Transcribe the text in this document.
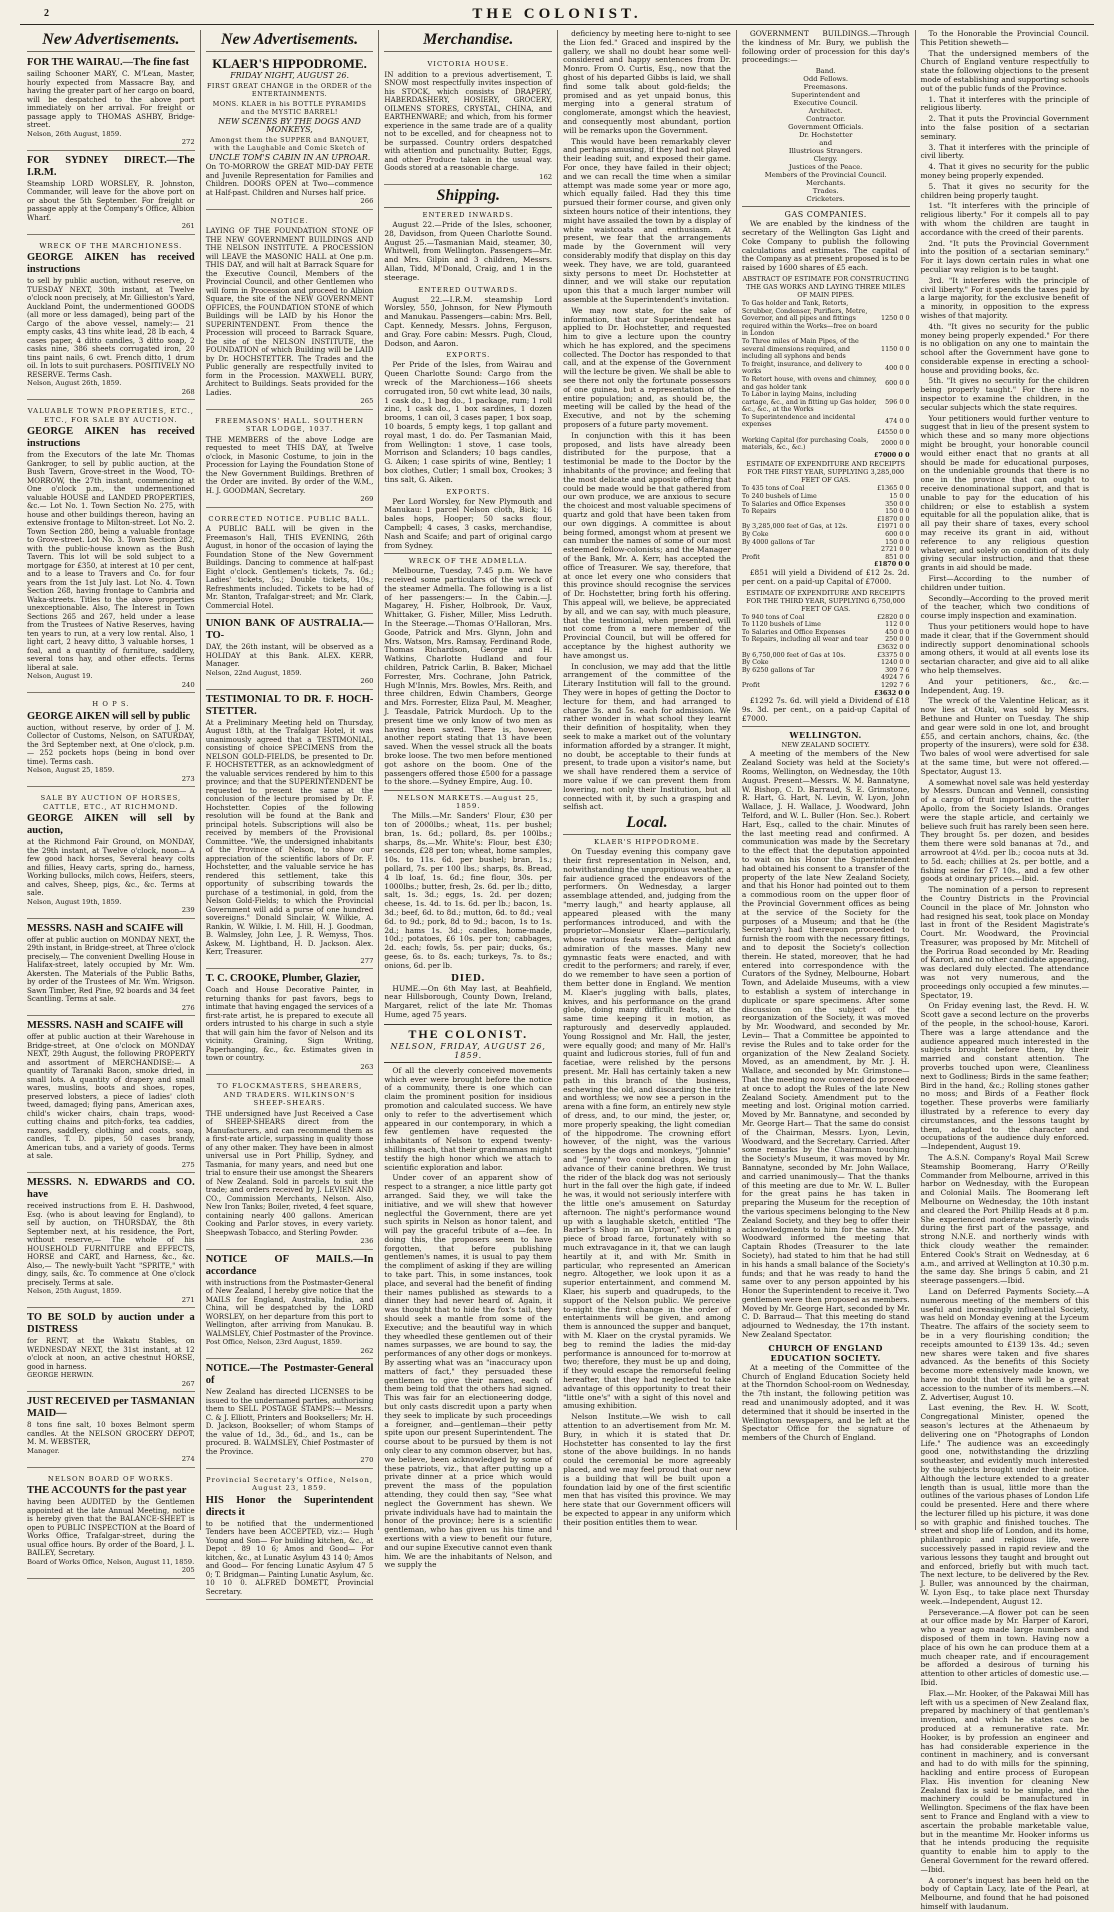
2	THE COLONIST.
New Advertisements.
FOR THE WAIRAU.—The fine fast
sailing Schooner MARY, C. M'Lean, Master, hourly expected from Massacre Bay, and having the greater part of her cargo on board, will be despatched to the above port immediately on her arrival. For freight or passage apply to THOMAS ASHBY, Bridge-street.
Nelson, 26th August, 1859.
272
FOR SYDNEY DIRECT.—The I.R.M.
Steamship LORD WORSLEY, R. Johnston, Commander, will leave for the above port on or about the 5th September. For freight or passage apply at the Company's Office, Albion Wharf.
261
WRECK OF THE MARCHIONESS.
GEORGE AIKEN has received instructions
to sell by public auction, without reserve, on TUESDAY NEXT, 30th instant, at Twelve o'clock noon precisely, at Mr. Gillieston's Yard, Auckland Point, the undermentioned GOODS (all more or less damaged), being part of the Cargo of the above vessel, namely:— 21 empty casks, 43 tins white lead, 28 lb each, 4 cases paper, 4 ditto candles, 3 ditto soap, 2 casks nine, 386 sheets corrugated iron, 20 tins paint nails, 6 cwt. French ditto, 1 drum oil. In lots to suit purchasers. POSITIVELY NO RESERVE. Terms Cash.
Nelson, August 26th, 1859.
268
VALUABLE TOWN PROPERTIES, ETC., ETC., FOR SALE BY AUCTION.
GEORGE AIKEN has received instructions
from the Executors of the late Mr. Thomas Gankroger, to sell by public auction, at the Bush Tavern, Grove-street in the Wood, TO-MORROW, the 27th instant, commencing at One o'clock p.m., the undermentioned valuable HOUSE and LANDED PROPERTIES, &c.— Lot No. 1. Town Section No. 275, with house and other buildings thereon, having an extensive frontage to Milton-street. Lot No. 2. Town Section 280, being a valuable frontage to Grove-street. Lot No. 3. Town Section 282, with the public-house known as the Bush Tavern. This lot will be sold subject to a mortgage for £350, at interest at 10 per cent, and to a lease to Travers and Co. for four years from the 1st July last. Lot No. 4. Town Section 268, having frontage to Cambria and Waka-streets. Titles to the above properties unexceptionable. Also, The Interest in Town Sections 265 and 267, held under a lease from the Trustees of Native Reserves, having ten years to run, at a very low rental. Also, 1 light cart, 2 heavy ditto, 3 valuable horses, 1 foal, and a quantity of furniture, saddlery, several tons hay, and other effects. Terms liberal at sale.
Nelson, August 19.
240
H O P S.
GEORGE AIKEN will sell by public
auction, without reserve, by order of J. M. Collector of Customs, Nelson, on SATURDAY, the 3rd September next, at One o'clock, p.m.— 252 pockets hops (being in bond over time). Terms cash.
Nelson, August 25, 1859.
273
SALE BY AUCTION OF HORSES, CATTLE, ETC., AT RICHMOND.
GEORGE AIKEN will sell by auction,
at the Richmond Fair Ground, on MONDAY, the 29th instant, at Twelve o'clock, noon— A few good hack horses, Several heavy colts and fillies, Heavy carts, spring do., harness, Working bullocks, milch cows, Heifers, steers, and calves, Sheep, pigs, &c., &c. Terms at sale.
Nelson, August 19th, 1859.
239
MESSRS. NASH and SCAIFE will
offer at public auction on MONDAY NEXT, the 29th instant, in Bridge-street, at Three o'clock precisely,— The convenient Dwelling House in Halifax-street, lately occupied by Mr. Wm. Akersten. The Materials of the Public Baths, by order of the Trustees of Mr. Wm. Wrigson. Sawn Timber, Red Pine, 92 boards and 34 feet Scantling. Terms at sale.
276
MESSRS. NASH and SCAIFE will
offer at public auction at their Warehouse in Bridge-street, at One o'clock on MONDAY NEXT, 29th August, the following PROPERTY and assortment of MERCHANDISE:— A quantity of Taranaki Bacon, smoke dried, in small lots. A quantity of drapery and small wares, muslins, boots and shoes, ropes, preserved lobsters, a piece of ladies' cloth tweed, damaged; flying pans, American axes, child's wicker chairs, chain traps, wood-cutting chains and pitch-forks, tea caddies, razors, saddlery, clothing and coats, soap, candles, T. D. pipes, 50 cases brandy, American tubs, and a variety of goods. Terms at sale.
275
MESSRS. N. EDWARDS and CO. have
received instructions from E. H. Dashwood, Esq. (who is about leaving for England), to sell by auction, on THURSDAY, the 8th September next, at his residence, the Port, without reserve,— The whole of his HOUSEHOLD FURNITURE and EFFECTS, HORSE and CART, and Harness, &c., &c. Also,— The newly-built Yacht "SPRITE," with dingy, sails, &c. To commence at One o'clock precisely. Terms at sale.
Nelson, 25th August, 1859.
271
TO BE SOLD by auction under a DISTRESS
for RENT, at the Wakatu Stables, on WEDNESDAY NEXT, the 31st instant, at 12 o'clock at noon, an active chestnut HORSE, good in harness.
GEORGE HERWIN.
267
JUST RECEIVED per TASMANIAN MAID—
8 tons fine salt, 10 boxes Belmont sperm candles. At the NELSON GROCERY DEPOT, M. M. WEBSTER,
Manager.
274
NELSON BOARD OF WORKS.
THE ACCOUNTS for the past year
having been AUDITED by the Gentlemen appointed at the late Annual Meeting, notice is hereby given that the BALANCE-SHEET is open to PUBLIC INSPECTION at the Board of Works Office, Trafalgar-street, during the usual office hours. By order of the Board, J. L. BAILEY, Secretary.
Board of Works Office, Nelson, August 11, 1859.
205
New Advertisements.
KLAER'S HIPPODROME.
FRIDAY NIGHT, AUGUST 26.
FIRST GREAT CHANGE in the ORDER of the ENTERTAINMENTS.
MONS. KLAER in his BOTTLE PYRAMIDS and the MYSTIC BARREL!
NEW SCENES BY THE DOGS AND MONKEYS,
Amongst them the SUPPER and BANQUET, with the Laughable and Comic Sketch of
UNCLE TOM'S CABIN IN AN UPROAR.
On TO-MORROW the GREAT MID-DAY FETE and Juvenile Representation for Families and Children. DOORS OPEN at Two—commence at Half-past. Children and Nurses half price.
266
NOTICE.
LAYING OF THE FOUNDATION STONE OF THE NEW GOVERNMENT BUILDINGS AND THE NELSON INSTITUTE. A PROCESSION will LEAVE the MASONIC HALL at One p.m. THIS DAY, and will halt at Barrack Square for the Executive Council, Members of the Provincial Council, and other Gentlemen who will form in Procession and proceed to Albion Square, the site of the NEW GOVERNMENT OFFICES, the FOUNDATION STONE of which Buildings will be LAID by his Honor the SUPERINTENDENT. From thence the Procession will proceed to Barrack Square, the site of the NELSON INSTITUTE, the FOUNDATION of which Building will be LAID by Dr. HOCHSTETTER. The Trades and the Public generally are respectfully invited to form in the Procession. MAXWELL BURY, Architect to Buildings. Seats provided for the Ladies.
265
FREEMASONS' HALL. SOUTHERN STAR LODGE, 1037.
THE MEMBERS of the above Lodge are requested to meet THIS DAY, at Twelve o'clock, in Masonic Costume, to join in the Procession for Laying the Foundation Stone of the New Government Buildings. Brethren of the Order are invited. By order of the W.M., H. J. GOODMAN, Secretary.
269
CORRECTED NOTICE. PUBLIC BALL.
A PUBLIC BALL will be given in the Freemason's Hall, THIS EVENING, 26th August, in honor of the occasion of laying the Foundation Stone of the New Government Buildings. Dancing to commence at half-past Eight o'clock. Gentlemen's tickets, 7s. 6d.; Ladies' tickets, 5s.; Double tickets, 10s.; Refreshments included. Tickets to be had of Mr. Stanton, Trafalgar-street; and Mr. Clark, Commercial Hotel.
UNION BANK OF AUSTRALIA.—TO-
DAY, the 26th instant, will be observed as a HOLIDAY at this Bank. ALEX. KERR, Manager.
Nelson, 22nd August, 1859.
260
TESTIMONIAL TO DR. F. HOCH-STETTER.
At a Preliminary Meeting held on Thursday, August 18th, at the Trafalgar Hotel, it was unanimously agreed that a TESTIMONIAL, consisting of choice SPECIMENS from the NELSON GOLD-FIELDS, be presented to Dr. F. HOCHSTETTER, as an acknowledgment of the valuable services rendered by him to this province; and that the SUPERINTENDENT be requested to present the same at the conclusion of the lecture promised by Dr. F. Hochstetter. Copies of the following resolution will be found at the Bank and principal hotels. Subscriptions will also be received by members of the Provisional Committee. "We, the undersigned inhabitants of the Province of Nelson, to show our appreciation of the scientific labors of Dr. F. Hochstetter, and the valuable service he has rendered this settlement, take this opportunity of subscribing towards the purchase of a testimonial, in gold, from the Nelson Gold-Fields; to which the Provincial Government will add a purse of one hundred sovereigns." Donald Sinclair, W. Wilkie, A. Rankin, W. Wilkie, I. M. Hill, H. J. Goodman, B. Walmsley, John Lee, J. R. Wemyss, Thos. Askew, M. Lightband, H. D. Jackson. Alex. Kerr, Treasurer.
277
T. C. CROOKE, Plumber, Glazier,
Coach and House Decorative Painter, in returning thanks for past favors, begs to intimate that having engaged the services of a first-rate artist, he is prepared to execute all orders intrusted to his charge in such a style that will gain him the favor of Nelson and its vicinity. Graining, Sign Writing, Paperhanging, &c., &c. Estimates given in town or country.
263
TO FLOCKMASTERS, SHEARERS, AND TRADERS. WILKINSON'S SHEEP-SHEARS.
THE undersigned have Just Received a Case of SHEEP-SHEARS direct from the Manufacturers, and can recommend them as a first-rate article, surpassing in quality those of any other maker. They have been in almost universal use in Port Phillip, Sydney, and Tasmania, for many years, and need but one trial to ensure their use amongst the Shearers of New Zealand. Sold in parcels to suit the trade; and orders received by J. LEVIEN AND CO., Commission Merchants, Nelson. Also, New Iron Tanks; Boiler, riveted, 4 feet square, containing nearly 400 gallons. American Cooking and Parlor stoves, in every variety. Sheepwash Tobacco, and Sterling Powder.
236
NOTICE OF MAILS.—In accordance
with instructions from the Postmaster-General of New Zealand, I hereby give notice that the MAILS for England, Australia, India, and China, will be despatched by the LORD WORSLEY, on her departure from this port to Wellington, after arriving from Manukau. B. WALMSLEY, Chief Postmaster of the Province.
Post Office, Nelson, 23rd August, 1859.
262
NOTICE.—The Postmaster-General of
New Zealand has directed LICENSES to be issued to the undernamed parties, authorising them to SELL POSTAGE STAMPS:— Messrs. C. & J. Elliott, Printers and Booksellers; Mr. H. D. Jackson, Bookseller; of whom Stamps of the value of 1d., 3d., 6d., and 1s., can be procured. B. WALMSLEY, Chief Postmaster of the Province.
270
Provincial Secretary's Office, Nelson, August 23, 1859.
HIS Honor the Superintendent directs it
to be notified that the undermentioned Tenders have been ACCEPTED, viz.:— Hugh Young and Son— For building kitchen, &c., at Depot . 89 10 6; Amos and Good— For kitchen, &c., at Lunatic Asylum 43 14 0; Amos and Good— For fencing Lunatic Asylum 47 5 0; T. Bridgman— Painting Lunatic Asylum, &c. 10 10 0. ALFRED DOMETT, Provincial Secretary.
Merchandise.
VICTORIA HOUSE.
IN addition to a previous advertisement, T. SNOW most respectfully invites inspection of his STOCK, which consists of DRAPERY, HABERDASHERY, HOSIERY, GROCERY, OILMENS STORES, CRYSTAL, CHINA, and EARTHENWARE; and which, from his former experience in the same trade are of a quality not to be excelled, and for cheapness not to be surpassed. Country orders despatched with attention and punctuality. Butter, Eggs, and other Produce taken in the usual way. Goods stored at a reasonable charge.
162
Shipping.
ENTERED INWARDS.

August 22.—Pride of the Isles, schooner, 28, Davidson, from Queen Charlotte Sound. August 25.—Tasmanian Maid, steamer, 30, Whitwell, from Wellington. Passengers—Mr. and Mrs. Gilpin and 3 children, Messrs. Allan, Tidd, M'Donald, Craig, and 1 in the steerage.

ENTERED OUTWARDS.

August 22.—I.R.M. steamship Lord Worsley, 550, Johnson, for New Plymouth and Manukau. Passengers—cabin: Mrs. Bell, Capt. Kennedy, Messrs. Johns, Ferguson, and Gray. Fore cabin: Messrs. Pugh, Cloud, Dodson, and Aaron.

EXPORTS.

Per Pride of the Isles, from Wairau and Queen Charlotte Sound: Cargo from the wreck of the Marchioness—166 sheets corrugated iron, 50 cwt white lead, 30 nails, 1 cask do., 1 bag do., 1 package, rum; 1 roll zinc, 1 cask do., 1 box sardines, 1 dozen brooms, 1 can oil, 3 cases paper, 1 box soap, 10 boards, 5 empty kegs, 1 top gallant and royal mast, 1 do. do. Per Tasmanian Maid, from Wellington: 1 stove, 1 case tools, Morrison and Sclanders; 10 bags candles, G. Aiken; 1 case spirits of wine, Bentley; 1 box clothes, Cutler; 1 small box, Crookes; 3 tins salt, G. Aiken.

EXPORTS.

Per Lord Worsley, for New Plymouth and Manukau: 1 parcel Nelson cloth, Bick; 16 bales hops, Hooper; 50 sacks flour, Campbell; 4 cases, 3 casks, merchandise, Nash and Scaife; and part of original cargo from Sydney.

WRECK OF THE ADMELLA.

Melbourne, Tuesday, 7.45 p.m. We have received some particulars of the wreck of the steamer Admella. The following is a list of her passengers:— In the Cabin.—J. Magarey, H. Fisher, Holbrook, Dr. Vaux, Whittaker, G. Fisher, Miller, Miss Ledruth. In the Steerage.—Thomas O'Halloran, Mrs. Goode, Patrick and Mrs. Glynn, John and Mrs. Watson, Mrs. Ramsay, Ferdinand Rode, Thomas Richardson, George and H. Watkins, Charlotte Hudland and four children, Patrick Carlin, B. Baker, Michael Forrester, Mrs. Cochrane, John Patrick, Hugh M'Innis, Mrs. Bowles, Mrs. Reith, and three children, Edwin Chambers, George and Mrs. Forrester, Eliza Paul, M. Meagher, J. Teasdale, Patrick Murdoch. Up to the present time we only know of two men as having been saved. There is, however, another report stating that 13 have been saved. When the vessel struck all the boats broke loose. The two men before mentioned got ashore on the boom. One of the passengers offered those £500 for a passage to the shore.—Sydney Empire, Aug. 10.

NELSON MARKETS.—August 25, 1859.

The Mills.—Mr. Sanders' Flour, £30 per ton of 2000lbs.; wheat, 11s. per bushel; bran, 1s. 6d.; pollard, 8s. per 100lbs.; sharps, 8s.—Mr. White's: Flour, best £30; seconds, £28 per ton; wheat, home samples, 10s. to 11s. 6d. per bushel; bran, 1s.; pollard, 7s. per 100 lbs.; sharps, 8s. Bread, 4 lb loaf, 1s. 6d.; fine flour, 30s. per 1000lbs.; butter, fresh, 2s. 6d. per lb.; ditto, salt, 1s. 3d.; eggs, 1s. 2d. per dozen; cheese, 1s. 4d. to 1s. 6d. per lb.; bacon, 1s. 3d.; beef, 6d. to 8d.; mutton, 6d. to 8d.; veal 6d. to 9d.; pork, 8d to 9d.; bacon, 1s to 1s. 2d.; hams 1s. 3d.; candles, home-made, 10d.; potatoes, £6 10s. per ton; cabbages, 2d. each; fowls, 5s. per pair; ducks, 6s.; geese, 6s. to 8s. each; turkeys, 7s. to 8s.; onions, 6d. per lb.

DIED.

HUME.—On 6th May last, at Beahfield, near Hillsborough, County Down, Ireland, Margaret, relict of the late Mr. Thomas Hume, aged 75 years.

THE COLONIST.
NELSON, FRIDAY, AUGUST 26, 1859.

Of all the cleverly conceived movements which ever were brought before the notice of a community, there is one which can claim the prominent position for insidious promotion and calculated success. We have only to refer to the advertisement which appeared in our contemporary, in which a few gentlemen have requested the inhabitants of Nelson to expend twenty-shillings each, that their grandmamas might testify the high honor which we attach to scientific exploration and labor.

Under cover of an apparent show of respect to a stranger, a nice little party got arranged. Said they, we will take the initiative, and we will shew that however neglectful the Government, there are yet such spirits in Nelson as honor talent, and will pay the graceful tribute of a—fee. In doing this, the proposers seem to have forgotten, that before publishing gentlemen's names, it is usual to pay them the compliment of asking if they are willing to take part. This, in some instances, took place, and several had the benefit of finding their names published as stewards to a dinner they had never heard of. Again, it was thought that to hide the fox's tail, they should seek a mantle from some of the Executive; and the beautiful way in which they wheedled these gentlemen out of their names surpasses, we are bound to say, the performances of any other dogs or monkeys. By asserting what was an "inaccuracy upon matters of fact," they persuaded these gentlemen to give their names, each of them being told that the others had signed. This was fair for an electioneering dodge, but only casts discredit upon a party when they seek to implicate by such proceedings a foreigner, and—gentleman—their petty spite upon our present Superintendent. The course about to be pursued by them is not only clear to any common observer, but has, we believe, been acknowledged by some of these patriots, viz., that after putting up a private dinner at a price which would prevent the mass of the population attending, they could then say, "See what neglect the Government has shewn. We private individuals have had to maintain the honor of the province; here is a scientific gentleman, who has given us his time and exertions with a view to benefit our future, and our supine Executive cannot even thank him. We are the inhabitants of Nelson, and we supply the

deficiency by meeting here to-night to see the Lion fed." Graced and inspired by the gallery, we shall no doubt hear some well-considered and happy sentences from Dr. Monro. From O. Curtis, Esq., now that the ghost of his departed Gibbs is laid, we shall find some talk about gold-fields; the promised and as yet unpaid bonus, this merging into a general stratum of conglomerate, amongst which the heaviest, and consequently most abundant, portion will be remarks upon the Government.

This would have been remarkably clever and perhaps amusing, if they had not played their leading suit, and exposed their game. For once, they have failed in their object; and we can recall the time when a similar attempt was made some year or more ago, which equally failed. Had they this time pursued their former course, and given only sixteen hours notice of their intentions, they might have assailed the town by a display of white waistcoats and enthusiasm. At present, we fear that the arrangements made by the Government will very considerably modify that display on this day week. They have, we are told, guaranteed sixty persons to meet Dr. Hochstetter at dinner, and we will stake our reputation upon this that a much larger number will assemble at the Superintendent's invitation.

We may now state, for the sake of information, that our Superintendent has applied to Dr. Hochstetter, and requested him to give a lecture upon the country which he has explored, and the specimens collected. The Doctor has responded to that call, and at the expense of the Government will the lecture be given. We shall be able to see there not only the fortunate possessors of one guinea, but a representation of the entire population; and, as should be, the meeting will be called by the head of the Executive, and not by the scheming proposers of a future party movement.

In conjunction with this it has been proposed, and lists have already been distributed for the purpose, that a testimonial be made to the Doctor by the inhabitants of the province; and feeling that the most delicate and apposite offering that could be made would be that gathered from our own produce, we are anxious to secure the choicest and most valuable specimens of quartz and gold that have been taken from our own diggings. A committee is about being formed, amongst whom at present we can number the names of some of our most esteemed fellow-colonists; and the Manager of the Bank, Mr. A. Kerr, has accepted the office of Treasurer. We say, therefore, that at once let every one who considers that this province should recognise the services of Dr. Hochstetter, bring forth his offering. This appeal will, we believe, be appreciated by all, and we can say, with much pleasure, that the testimonial, when presented, will not come from a mere member of the Provincial Council, but will be offered for acceptance by the highest authority we have amongst us.

In conclusion, we may add that the little arrangement of the committee of the Literary Institution will fall to the ground. They were in hopes of getting the Doctor to lecture for them, and had arranged to charge 3s. and 5s. each for admission. We rather wonder in what school they learnt their definition of hospitality, when they seek to make a market out of the voluntary information afforded by a stranger. It might, no doubt, be acceptable to their funds at present, to trade upon a visitor's name, but we shall have rendered them a service of more value if we can prevent them from lowering, not only their Institution, but all connected with it, by such a grasping and selfish act.

Local.
KLAER'S HIPPODROME.

On Tuesday evening this company gave their first representation in Nelson, and, notwithstanding the unpropitious weather, a fair audience graced the endeavors of the performers. On Wednesday, a larger assemblage attended, and, judging from the "merry laugh," and hearty applause, all appeared pleased with the many performances introduced, and with the proprietor—Monsieur Klaer—particularly, whose various feats were the delight and admiration of the masses. Many new gymnastic feats were enacted, and with credit to the performers; and rarely, if ever, do we remember to have seen a portion of them better done in England. We mention M. Klaer's juggling with balls, plates, knives, and his performance on the grand globe, doing many difficult feats, at the same time keeping it in motion, as rapturously and deservedly applauded. Young Rossignol and Mr. Hall, the jester, were equally good; and many of Mr. Hall's quaint and ludicrous stories, full of fun and facetiae, were relished by the persons present. Mr. Hall has certainly taken a new path in this branch of the business, eschewing the old, and discarding the trite and worthless; we now see a person in the arena with a fine form, an entirely new style of dress, and, to our mind, the jester, or, more properly speaking, the light comedian of the hippodrome. The crowning effort however, of the night, was the various scenes by the dogs and monkeys, "Johnnie" and "Jenny" two comical dogs, being in advance of their canine brethren. We trust the rider of the black dog was not seriously hurt in the fall over the high gate, if indeed he was, it would not seriously interfere with the little one's amusement on Saturday afternoon. The night's performance wound up with a laughable sketch, entitled "The Barber's Shop in an Uproar," exhibiting a piece of broad farce, fortunately with so much extravagance in it, that we can laugh heartily at it, and with Mr. Smith in particular, who represented an American negro. Altogether, we look upon it as a superior entertainment, and commend M. Klaer, his superb and quadrupeds, to the support of the Nelson public. We perceive to-night the first change in the order of entertainments will be given, and among them is announced the supper and banquet, with M. Klaer on the crystal pyramids. We beg to remind the ladies the mid-day performance is announced for to-morrow at two; therefore, they must be up and doing, if they would escape the remorseful feeling hereafter, that they had neglected to take advantage of this opportunity to treat their "little one's" with a sight of this novel and amusing exhibition.

Nelson Institute.—We wish to call attention to an advertisement from Mr. M. Bury, in which it is stated that Dr. Hochstetter has consented to lay the first stone of the above buildings. In no hands could the ceremonial be more agreeably placed, and we may feel proud that our new is a building that will be built upon a foundation laid by one of the first scientific men that has visited this province. We may here state that our Government officers will be expected to appear in any uniform which their position entitles them to wear.

GOVERNMENT BUILDINGS.—Through the kindness of Mr. Bury, we publish the following order of procession for this day's proceedings:—

Band.
Odd Fellows.
Freemasons.
Superintendent and
Executive Council.
Architect.
Contractor.
Government Officials.
Dr. Hochstetter
and
Illustrious Strangers.
Clergy.
Justices of the Peace.
Members of the Provincial Council.
Merchants.
Trades.
Cricketers.
GAS COMPANIES.

We are enabled by the kindness of the secretary of the Wellington Gas Light and Coke Company to publish the following calculations and estimates. The capital of the Company as at present proposed is to be raised by 1600 shares of £5 each.

ABSTRACT OF ESTIMATE FOR CONSTRUCTING THE GAS WORKS AND LAYING THREE MILES OF MAIN PIPES.
To Gas holder and Tank, Retorts, Scrubber, Condenser, Purifiers, Metre, Governor, and all pipes and fittings required within the Works—free on board in London	1250 0 0
To Three miles of Main Pipes, of the several dimensions required, and including all syphons and bends	1150 0 0
To freight, insurance, and delivery to works	400 0 0
To Retort house, with ovens and chimney, and gas holder tank	600 0 0
To Labor in laying Mains, including cartage, &c., and in fitting up Gas holder, &c., &c., at the Works	596 0 0
To Superintendence and incidental expenses	474 0 0
	£4550 0 0
Working Capital (for purchasing Coals, materials, &c., &c.)	2000 0 0
	£7000 0 0
ESTIMATE OF EXPENDITURE AND RECEIPTS FOR THE FIRST YEAR, SUPPLYING 3,285,000 FEET OF GAS.
To 435 tons of Coal	£1365 0 0
To 240 bushels of Lime	15 0 0
To Salaries and Office Expenses	350 0 0
To Repairs	150 0 0
	£1870 0 0
By 3,285,000 feet of Gas, at 12s.	£1971 0 0
By Coke	600 0 0
By 4000 gallons of Tar	150 0 0
	2721 0 0
Profit	851 0 0
	£1870 0 0

£851 will yield a Dividend of £12 2s. 2d. per cent. on a paid-up Capital of £7000.

ESTIMATE OF EXPENDITURE AND RECEIPTS FOR THE THIRD YEAR, SUPPLYING 6,750,000 FEET OF GAS.
To 940 tons of Coal	£2820 0 0
To 1120 bushels of Lime	112 0 0
To Salaries and Office Expenses	450 0 0
To Repairs, including all wear and tear	250 0 0
	£3632 0 0
By 6,750,000 feet of Gas at 10s.	£3375 0 0
By Coke	1240 0 0
By 6250 gallons of Tar	309 7 6
	4924 7 6
Profit	1292 7 6
	£3632 0 0

£1292 7s. 6d. will yield a Dividend of £18 9s. 3d. per cent., on a paid-up Capital of £7000.

WELLINGTON.
NEW ZEALAND SOCIETY.

A meeting of the members of the New Zealand Society was held at the Society's Rooms, Wellington, on Wednesday, the 10th August. Present—Messrs. W. M. Bannatyne, W. Bishop, C. D. Barraud, S. E. Grimstone, R. Hart, G. Hart, N. Levin, W. Lyon, John Wallace, J. H. Wallace, J. Woodward, John Telford, and W. L. Buller (Hon. Sec.). Robert Hart, Esq., called to the chair. Minutes of the last meeting read and confirmed. A communication was made by the Secretary to the effect that the deputation appointed to wait on his Honor the Superintendent had obtained his consent to a transfer of the property of the late New Zealand Society, and that his Honor had pointed out to them a commodious room on the upper floor of the Provincial Government offices as being at the service of the Society for the purposes of a Museum; and that he (the Secretary) had thereupon proceeded to furnish the room with the necessary fittings, and to deposit the Society's collection therein. He stated, moreover, that he had entered into correspondence with the Curators of the Sydney, Melbourne, Hobart Town, and Adelaide Museums, with a view to establish a system of interchange in duplicate or spare specimens. After some discussion on the subject of the reorganization of the Society, it was moved by Mr. Woodward, and seconded by Mr. Levin— That a Committee be appointed to revise the Rules and to take order for the organization of the New Zealand Society. Moved, as an amendment, by Mr. J. H. Wallace, and seconded by Mr. Grimstone— That the meeting now convened do proceed at once to adopt the Rules of the late New Zealand Society. Amendment put to the meeting and lost. Original motion carried. Moved by Mr. Bannatyne, and seconded by Mr. George Hart— That the same do consist of the Chairman, Messrs. Lyon, Levin, Woodward, and the Secretary. Carried. After some remarks by the Chairman touching the Society's Museum, it was moved by Mr. Bannatyne, seconded by Mr. John Wallace, and carried unanimously— That the thanks of this meeting are due to Mr. W. L. Buller for the great pains he has taken in preparing the Museum for the reception of the various specimens belonging to the New Zealand Society, and they beg to offer their acknowledgments to him for the same. Mr. Woodward informed the meeting that Captain Rhodes (Treasurer to the late Society), had stated to him that he had still in his hands a small balance of the Society's funds; and that he was ready to hand the same over to any person appointed by his Honor the Superintendent to receive it. Two gentlemen were then proposed as members. Moved by Mr. George Hart, seconded by Mr. C. D. Barraud— That this meeting do stand adjourned to Wednesday, the 17th instant. New Zealand Spectator.

CHURCH OF ENGLAND EDUCATION SOCIETY.

At a meeting of the Committee of the Church of England Education Society held at the Thorndon School-room on Wednesday, the 7th instant, the following petition was read and unanimously adopted, and it was determined that it should be inserted in the Wellington newspapers, and be left at the Spectator Office for the signature of members of the Church of England.

To the Honorable the Provincial Council. This Petition sheweth—

That the undersigned members of the Church of England venture respectfully to state the following objections to the present mode of establishing and supporting schools out of the public funds of the Province.

1. That it interferes with the principle of religious liberty.

2. That it puts the Provincial Government into the false position of a sectarian seminary.

3. That it interferes with the principle of civil liberty.

4. That it gives no security for the public money being properly expended.

5. That it gives no security for the children being properly taught.

1st. "It interferes with the principle of religious liberty." For it compels all to pay with whom the children are taught in accordance with the creed of their parents.

2nd. "It puts the Provincial Government into the position of a sectarian seminary." For it lays down certain rules in what one peculiar way religion is to be taught.

3rd. "It interferes with the principle of civil liberty." For it spends the taxes paid by a large majority, for the exclusive benefit of a minority, in opposition to the express wishes of that majority.

4th. "It gives no security for the public money being properly expended." For there is no obligation on any one to maintain the school after the Government have gone to considerable expense in erecting a school-house and providing books, &c.

5th. "It gives no security for the children being properly taught." For there is no inspector to examine the children, in the secular subjects which the state requires.

Your petitioners would further venture to suggest that in lieu of the present system to which these and so many more objections might be brought, your honorable council would either enact that no grants at all should be made for educational purposes, on the undeniable grounds that there is no one in the province that can ought to receive denominational support, and that is unable to pay for the education of his children; or else to establish a system equitable for all the population alike, that is all pay their share of taxes, every school may receive its grant in aid, without reference to any religious question whatever, and solely on condition of its duly giving secular instruction, and that these grants in aid should be made.

First—According to the number of children under tuition.

Secondly—According to the proved merit of the teacher, which two conditions of course imply inspection and examination.

Thus your petitioners would hope to have made it clear, that if the Government should indirectly support denominational schools among others, it would at all events lose its sectarian character, and give aid to all alike who help themselves.

And your petitioners, &c., &c.—Independent, Aug. 19.

The wreck of the Valentine Helicar, as it now lies at Otaki, was sold by Messrs. Bethune and Hunter on Tuesday. The ship and gear were sold in one lot, and brought £55, and certain anchors, chains, &c. (the property of the insurers), were sold for £38. Two bales of wool were advertised for sale at the same time, but were not offered.—Spectator, August 13.

A somewhat novel sale was held yesterday by Messrs. Duncan and Vennell, consisting of a cargo of fruit imported in the cutter Apollo, from the Society Islands. Oranges were the staple article, and certainly we believe such fruit has rarely been seen here. They brought 5s. per dozen, and besides them there were sold bananas at 7d., and arrowroot at 4½d. per lb.; cocoa nuts at 3d. to 5d. each; chillies at 2s. per bottle, and a fishing seine for £7 10s., and a few other goods at ordinary prices.—Ibid.

The nomination of a person to represent the Country Districts in the Provincial Council in the place of Mr. Johnston who had resigned his seat, took place on Monday last in front of the Resident Magistrate's Court. Mr. Woodward, the Provincial Treasurer, was proposed by Mr. Mitchell of the Porirua Road seconded by Mr. Reading of Karori, and no other candidate appearing, was declared duly elected. The attendance was not very numerous, and the proceedings only occupied a few minutes.—Spectator, 19.

On Friday evening last, the Revd. H. W. Scott gave a second lecture on the proverbs of the people, in the school-house, Karori. There was a large attendance and the audience appeared much interested in the subjects brought before them, by their married and constant attention. The proverbs touched upon were, Cleanliness next to Godliness; Birds in the same feather; Bird in the hand, &c.; Rolling stones gather no moss; and Birds of a Feather flock together. These proverbs were familiarly illustrated by a reference to every day circumstances, and the lessons taught by them, adapted to the character and occupations of the audience duly enforced.—Independent, August 19.

The A.S.N. Company's Royal Mail Screw Steamship Boomerang, Harry O'Reilly Commander from Melbourne, arrived in this harbor on Wednesday, with the European and Colonial Mails. The Boomerang left Melbourne on Wednesday, the 10th instant and cleared the Port Phillip Heads at 8 p.m. She experienced moderate westerly winds during the first part of the passage, and strong N.N.E. and northerly winds with thick cloudy weather the remainder. Entered Cook's Strait on Wednesday, at 6 a.m., and arrived at Wellington at 10.30 p.m. the same day. She brings 5 cabin, and 21 steerage passengers.—Ibid.

Land on Deferred Payments Society.—A numerous meeting of the members of this useful and increasingly influential Society, was held on Monday evening at the Lyceum Theatre. The affairs of the society seem to be in a very flourishing condition; the receipts amounted to £139 13s. 4d.; seven new shares were taken and five shares advanced. As the benefits of this Society become more extensively made known, we have no doubt that there will be a great accession to the number of its members.—N. Z. Advertiser, August 10.

Last evening, the Rev. H. W. Scott, Congregational Minister, opened the season's lectures at the Athenaeum by delivering one on "Photographs of London Life." The audience was an exceedingly good one, notwithstanding the drizzling southeaster, and evidently much interested by the subjects brought under their notice. Although the lecture extended to a greater length than is usual, little more than the outlines of the various phases of London Life could be presented. Here and there where the lecturer filled up his picture, it was done so with graphic and finished touches. The street and shop life of London, and its home, philanthropic and religious life, were successively passed in rapid review and the various lessons they taught and brought out and enforced, briefly but with much tact. The next lecture, to be delivered by the Rev. J. Buller, was announced by the chairman, W. Lyon Esq., to take place next Thursday week.—Independent, August 12.

Perseverance.—A flower pot can be seen at our office made by Mr. Harper of Karori, who a year ago made large numbers and disposed of them in town. Having now a place of his own he can produce them at a much cheaper rate, and if encouragement be afforded a desirous of turning his attention to other articles of domestic use.—Ibid.

Flax.—Mr. Hooker, of the Pakawai Mill has left with us a specimen of New Zealand flax, prepared by machinery of that gentleman's invention, and which he states can be produced at a remunerative rate. Mr. Hooker, is by profession an engineer and has had considerable experience in the continent in machinery, and is conversant and had to do with mills for the spinning, hackling and entire process of European Flax. His invention for cleaning New Zealand flax is said to be simple, and the machinery could be manufactured in Wellington. Specimens of the flax have been sent to France and England with a view to ascertain the probable marketable value, but in the meantime Mr. Hooker informs us that he intends producing the requisite quantity to enable him to apply to the General Government for the reward offered.—Ibid.

A coroner's inquest has been held on the body of Captain Lacy, late of the Pearl, at Melbourne, and found that he had poisoned himself with laudanum.
